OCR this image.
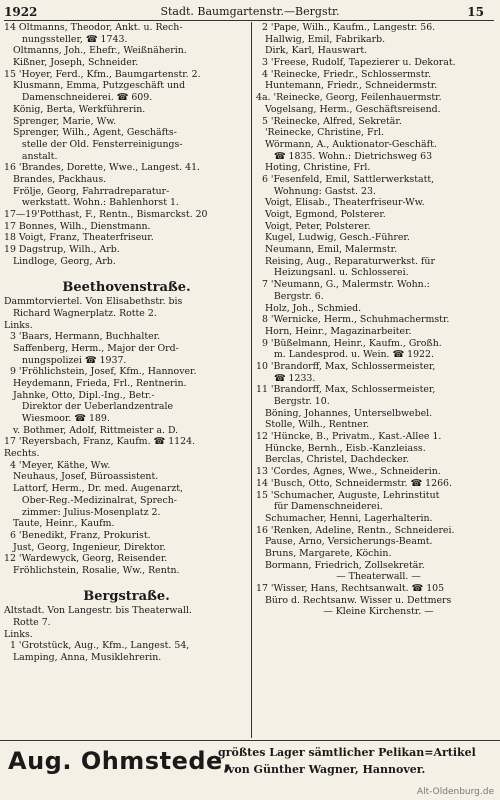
Stadt. Baumgartenstr.—Bergstr.
1922	15
14 Oltmanns, Theodor, Ankt. u. Rech-
nungssteller, ☎ 1743.
Oltmanns, Joh., Ehefr., Weißnäherin.
Kißner, Joseph, Schneider.
15 'Hoyer, Ferd., Kfm., Baumgartenstr. 2.
Klusmann, Emma, Putzgeschäft und
Damenschneiderei. ☎ 609.
König, Berta, Werkführerin.
Sprenger, Marie, Ww.
Sprenger, Wilh., Agent, Geschäfts-
stelle der Old. Fensterreinigungs-
anstalt.
16 'Brandes, Dorette, Wwe., Langest. 41.
Brandes, Packhaus.
Frölje, Georg, Fahrradreparatur-
werkstatt. Wohn.: Bahlenhorst 1.
17—19'Potthast, F., Rentn., Bismarckst. 20
17 Bonnes, Wilh., Dienstmann.
18 Voigt, Franz, Theaterfriseur.
19 Dagstrup, Wilh., Arb.
Lindloge, Georg, Arb.
Beethovenstraße.
Dammtorviertel. Von Elisabethstr. bis
Richard Wagnerplatz. Rotte 2.
Links.
3 'Baars, Hermann, Buchhalter.
Saffenberg, Herm., Major der Ord-
nungspolizei ☎ 1937.
9 'Fröhlichstein, Josef, Kfm., Hannover.
Heydemann, Frieda, Frl., Rentnerin.
Jahnke, Otto, Dipl.-Ing., Betr.-
Direktor der Ueberlandzentrale
Wiesmoor. ☎ 189.
v. Bothmer, Adolf, Rittmeister a. D.
17 'Reyersbach, Franz, Kaufm. ☎ 1124.
Rechts.
4 'Meyer, Käthe, Ww.
Neuhaus, Josef, Büroassistent.
Lattorf, Herm., Dr. med. Augenarzt,
Ober-Reg.-Medizinalrat, Sprech-
zimmer: Julius-Mosenplatz 2.
Taute, Heinr., Kaufm.
6 'Benedikt, Franz, Prokurist.
Just, Georg, Ingenieur, Direktor.
12 'Wardewyck, Georg, Reisender.
Fröhlichstein, Rosalie, Ww., Rentn.
Bergstraße.
Altstadt. Von Langestr. bis Theaterwall.
Rotte 7.
Links.
1 'Grotstück, Aug., Kfm., Langest. 54,
Lamping, Anna, Musiklehrerin.
2 'Pape, Wilh., Kaufm., Langestr. 56.
Hallwig, Emil, Fabrikarb.
Dirk, Karl, Hauswart.
3 'Freese, Rudolf, Tapezierer u. Dekorat.
4 'Reinecke, Friedr., Schlossermstr.
Huntemann, Friedr., Schneidermstr.
4a. 'Reinecke, Georg, Feilenhauermstr.
Vogelsang, Herm., Geschäftsreisend.
5 'Reinecke, Alfred, Sekretär.
'Reinecke, Christine, Frl.
Wörmann, A., Auktionator-Geschäft.
☎ 1835. Wohn.: Dietrichsweg 63
Hoting, Christine, Frl.
6 'Fesenfeld, Emil, Sattlerwerkstatt,
Wohnung: Gastst. 23.
Voigt, Elisab., Theaterfriseur-Ww.
Voigt, Egmond, Polsterer.
Voigt, Peter, Polsterer.
Kugel, Ludwig, Gesch.-Führer.
Neumann, Emil, Malermstr.
Reising, Aug., Reparaturwerkst. für
Heizungsanl. u. Schlosserei.
7 'Neumann, G., Malermstr. Wohn.:
Bergstr. 6.
Holz, Joh., Schmied.
8 'Wernicke, Herm., Schuhmachermstr.
Horn, Heinr., Magazinarbeiter.
9 'Büßelmann, Heinr., Kaufm., Großh.
m. Landesprod. u. Wein. ☎ 1922.
10 'Brandorff, Max, Schlossermeister,
☎ 1233.
11 'Brandorff, Max, Schlossermeister,
Bergstr. 10.
Böning, Johannes, Unterselbwebel.
Stolle, Wilh., Rentner.
12 'Hüncke, B., Privatm., Kast.-Allee 1.
Hüncke, Bernh., Eisb.-Kanzleiass.
Berclas, Christel, Dachdecker.
13 'Cordes, Agnes, Wwe., Schneiderin.
14 'Busch, Otto, Schneidermstr. ☎ 1266.
15 'Schumacher, Auguste, Lehrinstitut
für Damenschneiderei.
Schumacher, Henni, Lagerhalterin.
16 'Renken, Adeline, Rentn., Schneiderei.
Pause, Arno, Versicherungs-Beamt.
Bruns, Margarete, Köchin.
Bormann, Friedrich, Zollsekretär.
— Theaterwall. —
17 'Wisser, Hans, Rechtsanwalt. ☎ 105
Büro d. Rechtsanw. Wisser u. Dettmers
— Kleine Kirchenstr. —
Aug. Ohmstede,
größtes Lager sämtlicher Pelikan=Artikel
von Günther Wagner, Hannover.
Alt-Oldenburg.de
